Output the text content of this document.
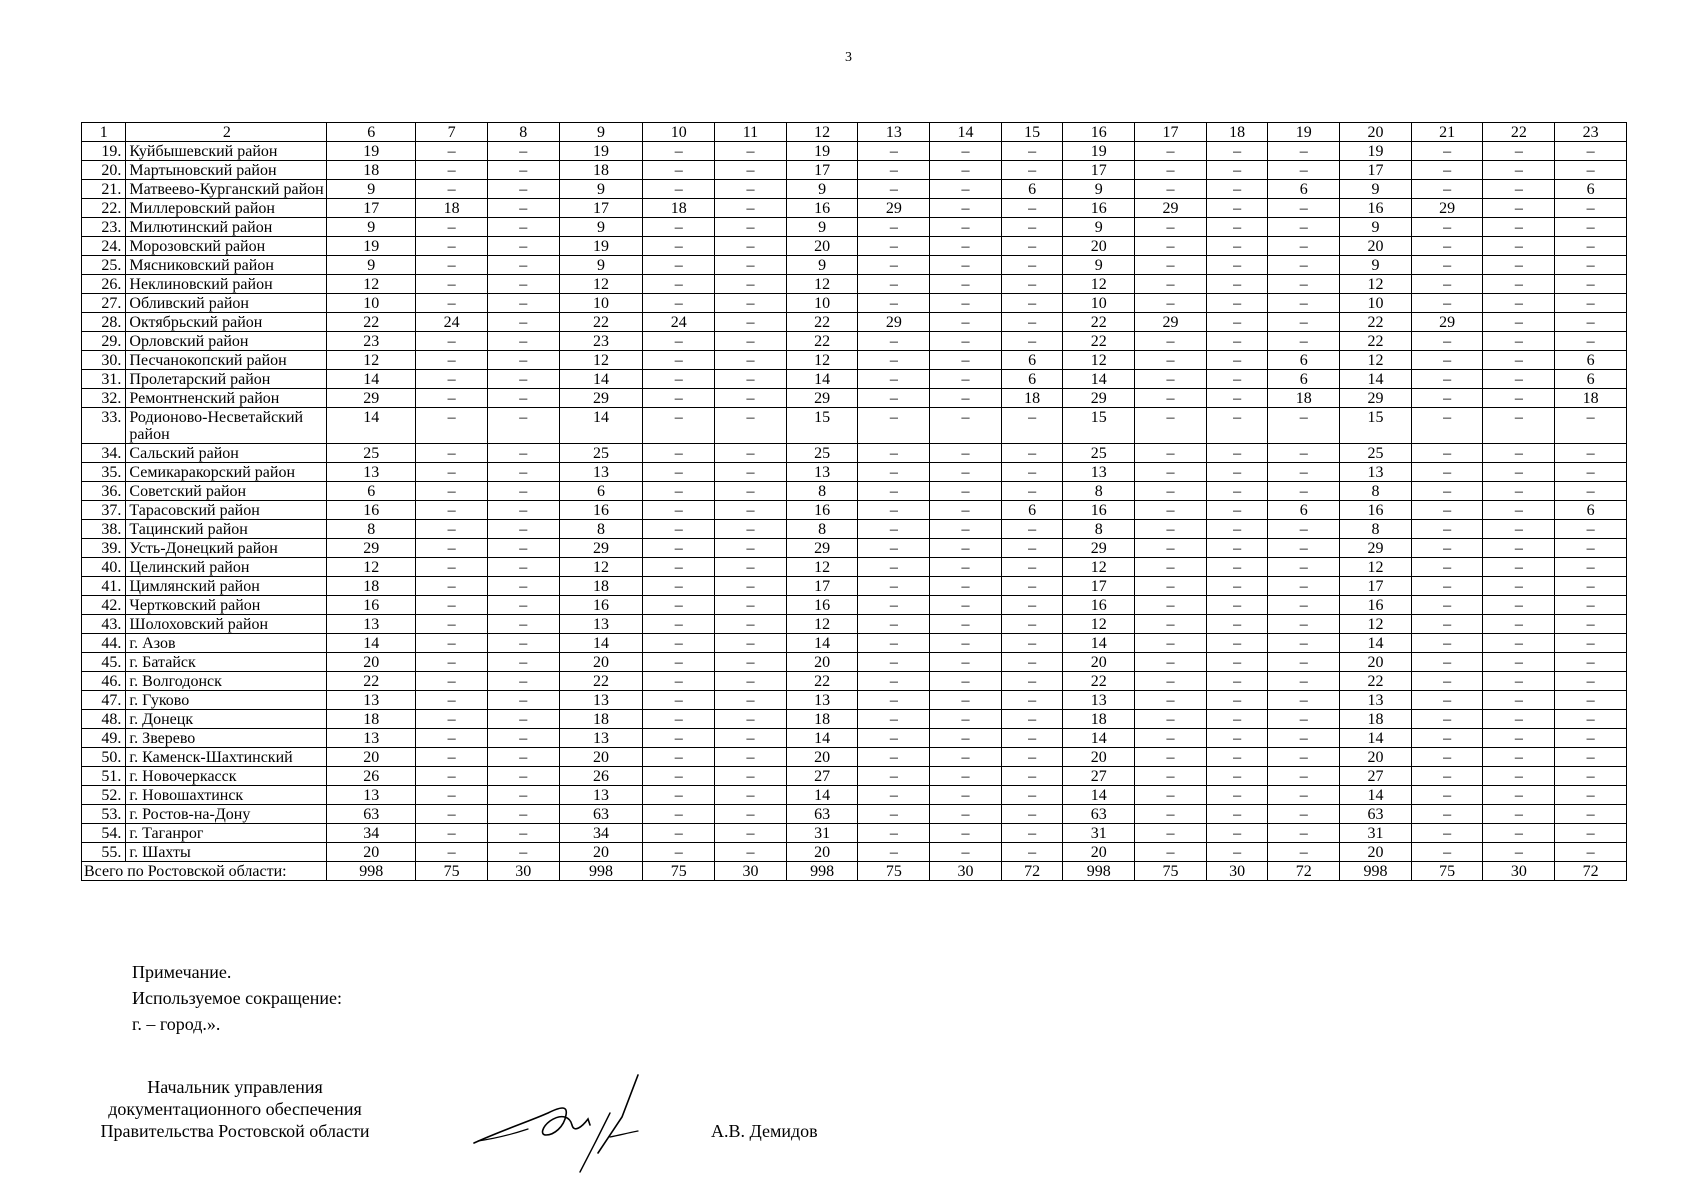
3
1	2	6	7	8	9	10	11	12	13	14	15	16	17	18	19	20	21	22	23
19.	Куйбышевский район	19	–	–	19	–	–	19	–	–	–	19	–	–	–	19	–	–	–
20.	Мартыновский район	18	–	–	18	–	–	17	–	–	–	17	–	–	–	17	–	–	–
21.	Матвеево-Курганский район	9	–	–	9	–	–	9	–	–	6	9	–	–	6	9	–	–	6
22.	Миллеровский район	17	18	–	17	18	–	16	29	–	–	16	29	–	–	16	29	–	–
23.	Милютинский район	9	–	–	9	–	–	9	–	–	–	9	–	–	–	9	–	–	–
24.	Морозовский район	19	–	–	19	–	–	20	–	–	–	20	–	–	–	20	–	–	–
25.	Мясниковский район	9	–	–	9	–	–	9	–	–	–	9	–	–	–	9	–	–	–
26.	Неклиновский район	12	–	–	12	–	–	12	–	–	–	12	–	–	–	12	–	–	–
27.	Обливский район	10	–	–	10	–	–	10	–	–	–	10	–	–	–	10	–	–	–
28.	Октябрьский район	22	24	–	22	24	–	22	29	–	–	22	29	–	–	22	29	–	–
29.	Орловский район	23	–	–	23	–	–	22	–	–	–	22	–	–	–	22	–	–	–
30.	Песчанокопский район	12	–	–	12	–	–	12	–	–	6	12	–	–	6	12	–	–	6
31.	Пролетарский район	14	–	–	14	–	–	14	–	–	6	14	–	–	6	14	–	–	6
32.	Ремонтненский район	29	–	–	29	–	–	29	–	–	18	29	–	–	18	29	–	–	18
33.	Родионово-Несветайский район	14	–	–	14	–	–	15	–	–	–	15	–	–	–	15	–	–	–
34.	Сальский район	25	–	–	25	–	–	25	–	–	–	25	–	–	–	25	–	–	–
35.	Семикаракорский район	13	–	–	13	–	–	13	–	–	–	13	–	–	–	13	–	–	–
36.	Советский район	6	–	–	6	–	–	8	–	–	–	8	–	–	–	8	–	–	–
37.	Тарасовский район	16	–	–	16	–	–	16	–	–	6	16	–	–	6	16	–	–	6
38.	Тацинский район	8	–	–	8	–	–	8	–	–	–	8	–	–	–	8	–	–	–
39.	Усть-Донецкий район	29	–	–	29	–	–	29	–	–	–	29	–	–	–	29	–	–	–
40.	Целинский район	12	–	–	12	–	–	12	–	–	–	12	–	–	–	12	–	–	–
41.	Цимлянский район	18	–	–	18	–	–	17	–	–	–	17	–	–	–	17	–	–	–
42.	Чертковский район	16	–	–	16	–	–	16	–	–	–	16	–	–	–	16	–	–	–
43.	Шолоховский район	13	–	–	13	–	–	12	–	–	–	12	–	–	–	12	–	–	–
44.	г. Азов	14	–	–	14	–	–	14	–	–	–	14	–	–	–	14	–	–	–
45.	г. Батайск	20	–	–	20	–	–	20	–	–	–	20	–	–	–	20	–	–	–
46.	г. Волгодонск	22	–	–	22	–	–	22	–	–	–	22	–	–	–	22	–	–	–
47.	г. Гуково	13	–	–	13	–	–	13	–	–	–	13	–	–	–	13	–	–	–
48.	г. Донецк	18	–	–	18	–	–	18	–	–	–	18	–	–	–	18	–	–	–
49.	г. Зверево	13	–	–	13	–	–	14	–	–	–	14	–	–	–	14	–	–	–
50.	г. Каменск-Шахтинский	20	–	–	20	–	–	20	–	–	–	20	–	–	–	20	–	–	–
51.	г. Новочеркасск	26	–	–	26	–	–	27	–	–	–	27	–	–	–	27	–	–	–
52.	г. Новошахтинск	13	–	–	13	–	–	14	–	–	–	14	–	–	–	14	–	–	–
53.	г. Ростов-на-Дону	63	–	–	63	–	–	63	–	–	–	63	–	–	–	63	–	–	–
54.	г. Таганрог	34	–	–	34	–	–	31	–	–	–	31	–	–	–	31	–	–	–
55.	г. Шахты	20	–	–	20	–	–	20	–	–	–	20	–	–	–	20	–	–	–
Всего по Ростовской области:		998	75	30	998	75	30	998	75	30	72	998	75	30	72	998	75	30	72
Примечание.
Используемое сокращение:
г. – город.».
Начальник управления
документационного обеспечения
Правительства Ростовской области	А.В. Демидов
